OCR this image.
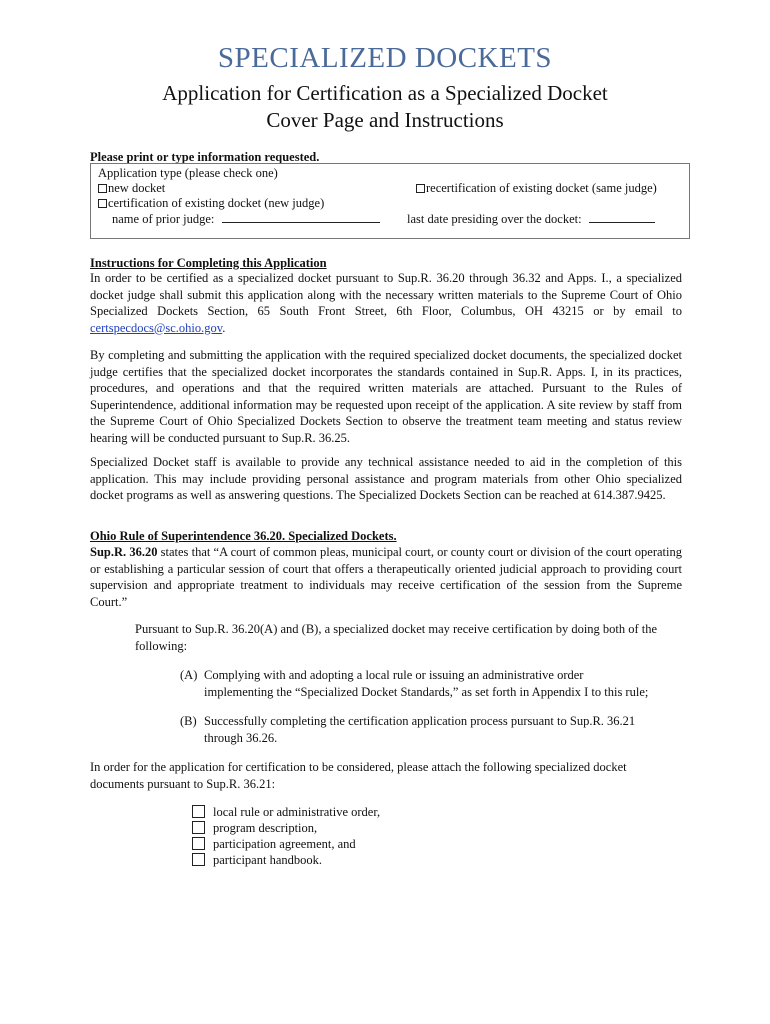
SPECIALIZED DOCKETS
Application for Certification as a Specialized Docket
Cover Page and Instructions
Please print or type information requested.
Application type (please check one)
new docket	recertification of existing docket (same judge)
certification of existing docket (new judge)
name of prior judge:	last date presiding over the docket:
Instructions for Completing this Application
In order to be certified as a specialized docket pursuant to Sup.R. 36.20 through 36.32 and Apps. I., a specialized docket judge shall submit this application along with the necessary written materials to the Supreme Court of Ohio Specialized Dockets Section, 65 South Front Street, 6th Floor, Columbus, OH 43215 or by email to certspecdocs@sc.ohio.gov.
By completing and submitting the application with the required specialized docket documents, the specialized docket judge certifies that the specialized docket incorporates the standards contained in Sup.R. Apps. I, in its practices, procedures, and operations and that the required written materials are attached. Pursuant to the Rules of Superintendence, additional information may be requested upon receipt of the application. A site review by staff from the Supreme Court of Ohio Specialized Dockets Section to observe the treatment team meeting and status review hearing will be conducted pursuant to Sup.R. 36.25.
Specialized Docket staff is available to provide any technical assistance needed to aid in the completion of this application. This may include providing personal assistance and program materials from other Ohio specialized docket programs as well as answering questions. The Specialized Dockets Section can be reached at 614.387.9425.
Ohio Rule of Superintendence 36.20. Specialized Dockets.
Sup.R. 36.20 states that “A court of common pleas, municipal court, or county court or division of the court operating or establishing a particular session of court that offers a therapeutically oriented judicial approach to providing court supervision and appropriate treatment to individuals may receive certification of the session from the Supreme Court.”
Pursuant to Sup.R. 36.20(A) and (B), a specialized docket may receive certification by doing both of the following:
(A) Complying with and adopting a local rule or issuing an administrative order implementing the “Specialized Docket Standards,” as set forth in Appendix I to this rule;
(B) Successfully completing the certification application process pursuant to Sup.R. 36.21 through 36.26.
In order for the application for certification to be considered, please attach the following specialized docket documents pursuant to Sup.R. 36.21:
local rule or administrative order,
program description,
participation agreement, and
participant handbook.
